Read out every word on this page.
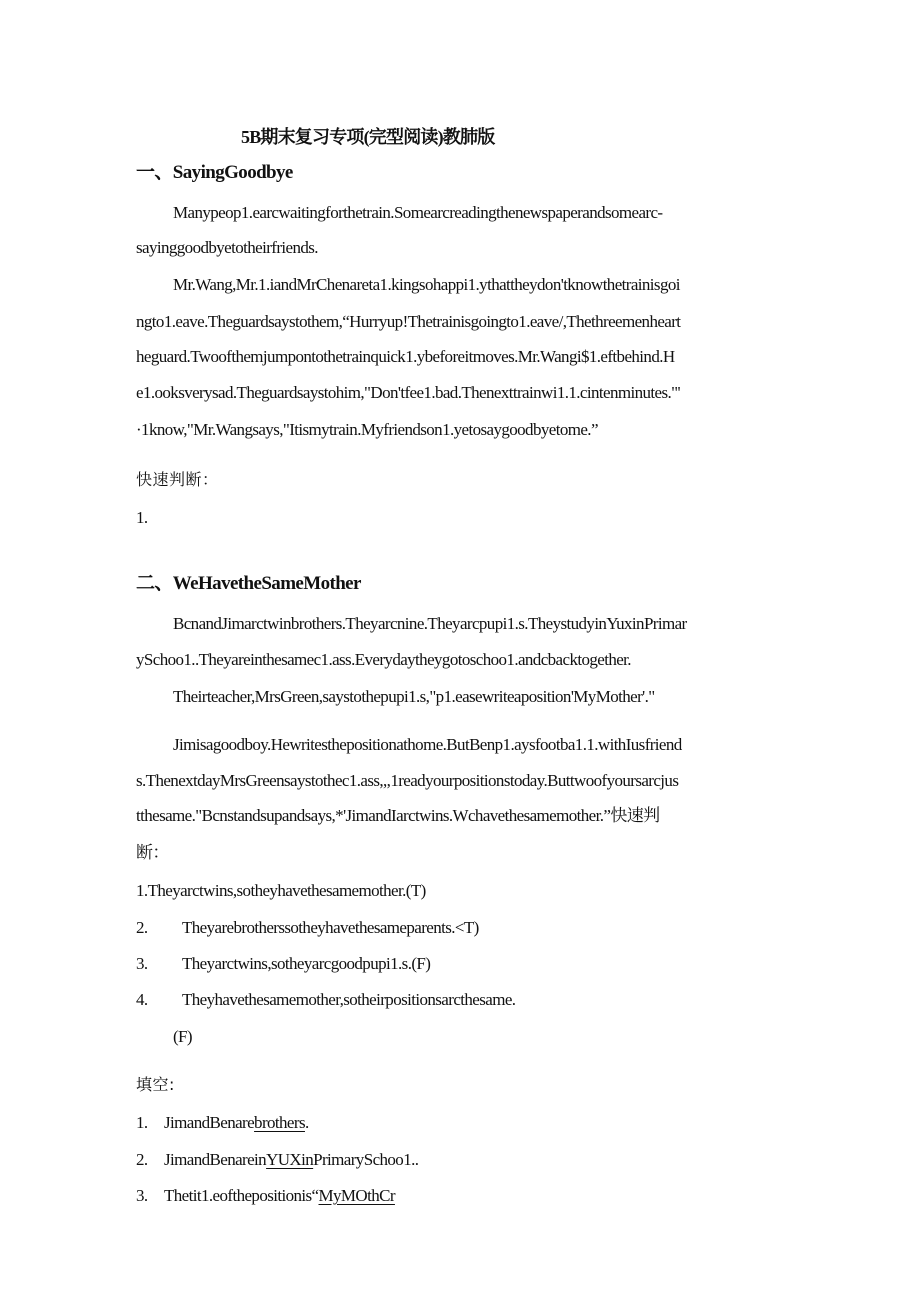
5B期末复习专项(完型阅读)教肺版
一、SayingGoodbye
Manypeop1.earcwaitingforthetrain.Somearcreadingthenewspaperandsomearc-
sayinggoodbyetotheirfriends.
Mr.Wang,Mr.1.iandMrChenareta1.kingsohappi1.ythattheydon'tknowthetrainisgoi
ngto1.eave.Theguardsaystothem,“Hurryup!Thetrainisgoingto1.eave/,Thethreemenheart
heguard.Twoofthemjumpontothetrainquick1.ybeforeitmoves.Mr.Wangi$1.eftbehind.H
e1.ooksverysad.Theguardsaystohim,"Don'tfee1.bad.Thenexttrainwi1.1.cintenminutes."'
·1know,"Mr.Wangsays,"Itismytrain.Myfriendson1.yetosaygoodbyetome.”
快速判断：
1.
二、WeHavetheSameMother
BcnandJimarctwinbrothers.Theyarcnine.Theyarcpupi1.s.TheystudyinYuxinPrimar
ySchoo1..Theyareinthesamec1.ass.Everydaytheygotoschoo1.andcbacktogether.
Theirteacher,MrsGreen,saystothepupi1.s,"p1.easewriteaposition'MyMother'."
Jimisagoodboy.Hewritesthepositionathome.ButBenp1.aysfootba1.1.withIusfriend
s.ThenextdayMrsGreensaystothec1.ass,,,1readyourpositionstoday.Buttwoofyoursarcjus
tthesame."Bcnstandsupandsays,*'JimandIarctwins.Wchavethesamemother.”快速判
断：
1.Theyarctwins,sotheyhavethesamemother.(T)
2. Theyarebrotherssotheyhavethesameparents.<T)
3. Theyarctwins,sotheyarcgoodpupi1.s.(F)
4. Theyhavethesamemother,sotheirpositionsarcthesame.
(F)
填空:
1. JimandBenarebrothers.
2. JimandBenareinYUXinPrimarySchoo1..
3. Thetit1.eofthepositionis“MyMOthCr
